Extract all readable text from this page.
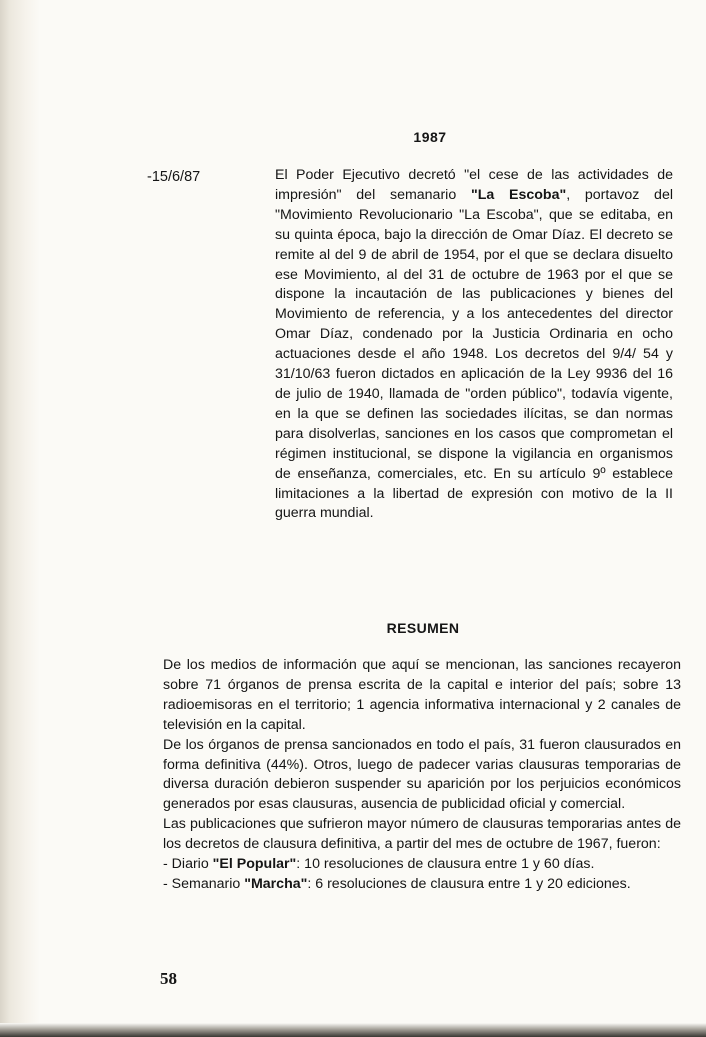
1987
-15/6/87	El Poder Ejecutivo decretó "el cese de las actividades de impresión" del semanario "La Escoba", portavoz del "Movimiento Revolucionario "La Escoba", que se editaba, en su quinta época, bajo la dirección de Omar Díaz. El decreto se remite al del 9 de abril de 1954, por el que se declara disuelto ese Movimiento, al del 31 de octubre de 1963 por el que se dispone la incautación de las publicaciones y bienes del Movimiento de referencia, y a los antecedentes del director Omar Díaz, condenado por la Justicia Ordinaria en ocho actuaciones desde el año 1948. Los decretos del 9/4/ 54 y 31/10/63 fueron dictados en aplicación de la Ley 9936 del 16 de julio de 1940, llamada de "orden público", todavía vigente, en la que se definen las sociedades ilícitas, se dan normas para disolverlas, sanciones en los casos que comprometan el régimen institucional, se dispone la vigilancia en organismos de enseñanza, comerciales, etc. En su artículo 9º establece limitaciones a la libertad de expresión con motivo de la II guerra mundial.

RESUMEN

De los medios de información que aquí se mencionan, las sanciones recayeron sobre 71 órganos de prensa escrita de la capital e interior del país; sobre 13 radioemisoras en el territorio; 1 agencia informativa internacional y 2 canales de televisión en la capital.

De los órganos de prensa sancionados en todo el país, 31 fueron clausurados en forma definitiva (44%). Otros, luego de padecer varias clausuras temporarias de diversa duración debieron suspender su aparición por los perjuicios económicos generados por esas clausuras, ausencia de publicidad oficial y comercial.

Las publicaciones que sufrieron mayor número de clausuras temporarias antes de los decretos de clausura definitiva, a partir del mes de octubre de 1967, fueron:

- Diario "El Popular": 10 resoluciones de clausura entre 1 y 60 días.

- Semanario "Marcha": 6 resoluciones de clausura entre 1 y 20 ediciones.

58
